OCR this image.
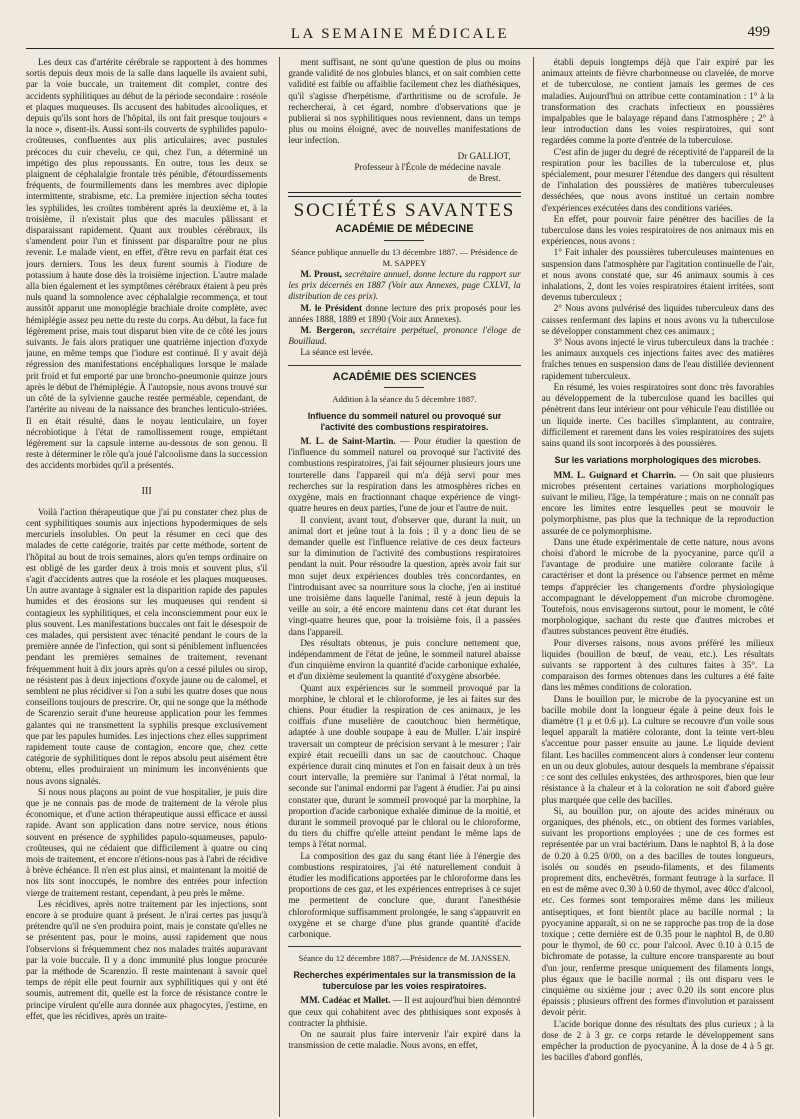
LA SEMAINE MÉDICALE	499

Les deux cas d'artérite cérébrale se rapportent à des hommes sortis depuis deux mois de la salle dans laquelle ils avaient subi, par la voie buccale, un traitement dit complet, contre des accidents syphilitiques au début de la période secondaire : roséole et plaques muqueuses. Ils accusent des habitudes alcooliques, et depuis qu'ils sont hors de l'hôpital, ils ont fait presque toujours « la noce », disent-ils. Aussi sont-ils couverts de syphilides papulo-croûteuses, confluentes aux plis articulaires, avec pustules précoces du cuir chevelu, ce qui, chez l'un, a déterminé un impétigo des plus repoussants. En outre, tous les deux se plaignent de céphalalgie frontale très pénible, d'étourdissements fréquents, de fourmillements dans les membres avec diplopie intermittente, strabisme, etc. La première injection sécha toutes les syphilides, les croûtes tombèrent après la deuxième et, à la troisième, il n'existait plus que des macules pâlissant et disparaissant rapidement. Quant aux troubles cérébraux, ils s'amendent pour l'un et finissent par disparaître pour ne plus revenir. Le malade vient, en effet, d'être revu en parfait état ces jours derniers. Tous les deux furent soumis à l'iodure de potassium à haute dose dès la troisième injection. L'autre malade alla bien également et les symptômes cérébraux étaient à peu près nuls quand la somnolence avec céphalalgie recommença, et tout aussitôt apparut une monoplégie brachiale droite complète, avec hémiplégie assez peu nette du reste du corps. Au début, la face fut légèrement prise, mais tout disparut bien vite de ce côté les jours suivants. Je fais alors pratiquer une quatrième injection d'oxyde jaune, en même temps que l'iodure est continué. Il y avait déjà régression des manifestations encéphaliques lorsque le malade prit froid et fut emporté par une broncho-pneumonie quinze jours après le début de l'hémiplégie. À l'autopsie, nous avons trouvé sur un côté de la sylvienne gauche restée perméable, cependant, de l'artérite au niveau de la naissance des branches lenticulo-striées. Il en était résulté, dans le noyau lenticulaire, un foyer nécrobiotique à l'état de ramollissement rouge, empiétant légèrement sur la capsule interne au-dessous de son genou. Il reste à déterminer le rôle qu'a joué l'alcoolisme dans la succession des accidents morbides qu'il a présentés.

III

Voilà l'action thérapeutique que j'ai pu constater chez plus de cent syphilitiques soumis aux injections hypodermiques de sels mercuriels insolubles. On peut la résumer en ceci que des malades de cette catégorie, traités par cette méthode, sortent de l'hôpital au bout de trois semaines, alors qu'en temps ordinaire on est obligé de les garder deux à trois mois et souvent plus, s'il s'agit d'accidents autres que la roséole et les plaques muqueuses. Un autre avantage à signaler est la disparition rapide des papules humides et des érosions sur les muqueuses qui rendent si contagieux les syphilitiques, et cela inconsciemment pour eux le plus souvent. Les manifestations buccales ont fait le désespoir de ces malades, qui persistent avec ténacité pendant le cours de la première année de l'infection, qui sont si péniblement influencées pendant les premières semaines de traitement, revenant fréquemment huit à dix jours après qu'on a cessé pilules ou sirop, ne résistent pas à deux injections d'oxyde jaune ou de calomel, et semblent ne plus récidiver si l'on a subi les quatre doses que nous conseillons toujours de prescrire. Or, qui ne songe que la méthode de Scarenzio serait d'une heureuse application pour les femmes galantes qui ne transmettent la syphilis presque exclusivement que par les papules humides. Les injections chez elles suppriment rapidement toute cause de contagion, encore que, chez cette catégorie de syphilitiques dont le repos absolu peut aisément être obtenu, elles produiraient un minimum les inconvénients que nous avons signalés.

Si nous nous plaçons au point de vue hospitalier, je puis dire que je ne connais pas de mode de traitement de la vérole plus économique, et d'une action thérapeutique aussi efficace et aussi rapide. Avant son application dans notre service, nous étions souvent en présence de syphilides papulo-squameuses, papulo-croûteuses, qui ne cédaient que difficilement à quatre ou cinq mois de traitement, et encore n'étions-nous pas à l'abri de récidive à brève échéance. Il n'en est plus ainsi, et maintenant la moitié de nos lits sont inoccupés, le nombre des entrées pour infection vierge de traitement restant, cependant, à peu près le même.

Les récidives, après notre traitement par les injections, sont encore à se produire quant à présent. Je n'irai certes pas jusqu'à prétendre qu'il ne s'en produira point, mais je constate qu'elles ne se présentent pas, pour le moins, aussi rapidement que nous l'observions si fréquemment chez nos malades traités auparavant par la voie buccale. Il y a donc immunité plus longue procurée par la méthode de Scarenzio. Il reste maintenant à savoir quel temps de répit elle peut fournir aux syphilitiques qui y ont été soumis, autrement dit, quelle est la force de résistance contre le principe virulent qu'elle aura donnée aux phagocytes, j'estime, en effet, que les récidives, après un traite-

ment suffisant, ne sont qu'une question de plus ou moins grande validité de nos globules blancs, et on sait combien cette validité est faible ou affaiblie facilement chez les diathésiques, qu'il s'agisse d'herpétisme, d'arthritisme ou de scrofule. Je rechercherai, à cet égard, nombre d'observations que je publierai si nos syphilitiques nous reviennent, dans un temps plus ou moins éloigné, avec de nouvelles manifestations de leur infection.

Dr GALLIOT,
Professeur à l'École de médecine navale
de Brest.
SOCIÉTÉS SAVANTES
ACADÉMIE DE MÉDECINE
Séance publique annuelle du 13 décembre 1887. — Présidence de M. SAPPEY

M. Proust, secrétaire annuel, donne lecture du rapport sur les prix décernés en 1887 (Voir aux Annexes, page CXLVI, la distribution de ces prix).

M. le Président donne lecture des prix proposés pour les années 1888, 1889 et 1890 (Voir aux Annexes).

M. Bergeron, secrétaire perpétuel, prononce l'éloge de Bouillaud.

La séance est levée.

ACADÉMIE DES SCIENCES
Addition à la séance du 5 décembre 1887.
Influence du sommeil naturel ou provoqué sur l'activité des combustions respiratoires.

M. L. de Saint-Martin. — Pour étudier la question de l'influence du sommeil naturel ou provoqué sur l'activité des combustions respiratoires, j'ai fait séjourner plusieurs jours une tourterelle dans l'appareil qui m'a déjà servi pour mes recherches sur la respiration dans les atmosphères riches en oxygène, mais en fractionnant chaque expérience de vingt-quatre heures en deux parties, l'une de jour et l'autre de nuit.

Il convient, avant tout, d'observer que, durant la nuit, un animal dort et jeûne tout à la fois ; il y a donc lieu de se demander quelle est l'influence relative de ces deux facteurs sur la diminution de l'activité des combustions respiratoires pendant la nuit. Pour résoudre la question, après avoir fait sur mon sujet deux expériences doubles très concordantes, en l'introduisant avec sa nourriture sous la cloche, j'en ai institué une troisième dans laquelle l'animal, resté à jeun depuis la veille au soir, a été encore maintenu dans cet état durant les vingt-quatre heures que, pour la troisième fois, il a passées dans l'appareil.

Des résultats obtenus, je puis conclure nettement que, indépendamment de l'état de jeûne, le sommeil naturel abaisse d'un cinquième environ la quantité d'acide carbonique exhalée, et d'un dixième seulement la quantité d'oxygène absorbée.

Quant aux expériences sur le sommeil provoqué par la morphine, le chloral et le chloroforme, je les ai faites sur des chiens. Pour étudier la respiration de ces animaux, je les coiffais d'une muselière de caoutchouc bien hermétique, adaptée à une double soupape à eau de Muller. L'air inspiré traversait un compteur de précision servant à le mesurer ; l'air expiré était recueilli dans un sac de caoutchouc. Chaque expérience durait cinq minutes et l'on en faisait deux à un très court intervalle, la première sur l'animal à l'état normal, la seconde sur l'animal endormi par l'agent à étudier. J'ai pu ainsi constater que, durant le sommeil provoqué par la morphine, la proportion d'acide carbonique exhalée diminue de la moitié, et durant le sommeil provoqué par le chloral ou le chloroforme, du tiers du chiffre qu'elle atteint pendant le même laps de temps à l'état normal.

La composition des gaz du sang étant liée à l'énergie des combustions respiratoires, j'ai été naturellement conduit à étudier les modifications apportées par le chloroforme dans les proportions de ces gaz, et les expériences entreprises à ce sujet me permettent de conclure que, durant l'anesthésie chloroformique suffisamment prolongée, le sang s'appauvrit en oxygène et se charge d'une plus grande quantité d'acide carbonique.

Séance du 12 décembre 1887.—Présidence de M. JANSSEN.
Recherches expérimentales sur la transmission de la tuberculose par les voies respiratoires.

MM. Cadéac et Mallet. — Il est aujourd'hui bien démontré que ceux qui cohabitent avec des phthisiques sont exposés à contracter la phthisie.

On ne saurait plus faire intervenir l'air expiré dans la transmission de cette maladie. Nous avons, en effet,

établi depuis longtemps déjà que l'air expiré par les animaux atteints de fièvre charbonneuse ou clavelée, de morve et de tuberculose, ne contient jamais les germes de ces maladies. Aujourd'hui on attribue cette contamination : 1° à la transformation des crachats infectieux en poussières impalpables que le balayage répand dans l'atmosphère ; 2° à leur introduction dans les voies respiratoires, qui sont regardées comme la porte d'entrée de la tuberculose.

C'est afin de juger du degré de réceptivité de l'appareil de la respiration pour les bacilles de la tuberculose et, plus spécialement, pour mesurer l'étendue des dangers qui résultent de l'inhalation des poussières de matières tuberculeuses desséchées, que nous avons institué un certain nombre d'expériences exécutées dans des conditions variées.

En effet, pour pouvoir faire pénétrer des bacilles de la tuberculose dans les voies respiratoires de nos animaux mis en expériences, nous avons :

1° Fait inhaler des poussières tuberculeuses maintenues en suspension dans l'atmosphère par l'agitation continuelle de l'air, et nous avons constaté que, sur 46 animaux soumis à ces inhalations, 2, dont les voies respiratoires étaient irritées, sont devenus tuberculeux ;

2° Nous avons pulvérisé des liquides tuberculeux dans des caisses renfermant des lapins et nous avons vu la tuberculose se développer constamment chez ces animaux ;

3° Nous avons injecté le virus tuberculeux dans la trachée : les animaux auxquels ces injections faites avec des matières fraîches tenues en suspension dans de l'eau distillée deviennent rapidement tuberculeux.

En résumé, les voies respiratoires sont donc très favorables au développement de la tuberculose quand les bacilles qui pénètrent dans leur intérieur ont pour véhicule l'eau distillée ou un liquide inerte. Ces bacilles s'implantent, au contraire, difficilement et rarement dans les voies respiratoires des sujets sains quand ils sont incorporés à des poussières.

Sur les variations morphologiques des microbes.

MM. L. Guignard et Charrin. — On sait que plusieurs microbes présentent certaines variations morphologiques suivant le milieu, l'âge, la température ; mais on ne connaît pas encore les limites entre lesquelles peut se mouvoir le polymorphisme, pas plus que la technique de la reproduction assurée de ce polymorphisme.

Dans une étude expérimentale de cette nature, nous avons choisi d'abord le microbe de la pyocyanine, parce qu'il a l'avantage de produire une matière colorante facile à caractériser et dont la présence ou l'absence permet en même temps d'apprécier les changements d'ordre physiologique accompagnant le développement d'un microbe chromogène. Toutefois, nous envisagerons surtout, pour le moment, le côté morphologique, sachant du reste que d'autres microbes et d'autres substances peuvent être étudiés.

Pour diverses raisons, nous avons préféré les milieux liquides (bouillon de bœuf, de veau, etc.). Les résultats suivants se rapportent à des cultures faites à 35°. La comparaison des formes obtenues dans les cultures a été faite dans les mêmes conditions de coloration.

Dans le bouillon pur, le microbe de la pyocyanine est un bacille mobile dont la longueur égale à peine deux fois le diamètre (1 μ et 0.6 μ). La culture se recouvre d'un voile sous lequel apparaît la matière colorante, dont la teinte vert-bleu s'accentue pour passer ensuite au jaune. Le liquide devient filant. Les bacilles commencent alors à condenser leur contenu en un ou deux globules, autour desquels la membrane s'épaissit : ce sont des cellules enkystées, des arthrospores, bien que leur résistance à la chaleur et à la coloration ne soit d'abord guère plus marquée que celle des bacilles.

Si, au bouillon pur, on ajoute des acides minéraux ou organiques, des phénols, etc., on obtient des formes variables, suivant les proportions employées ; une de ces formes est représentée par un vrai bactérium. Dans le naphtol B, à la dose de 0.20 à 0.25 0/00, on a des bacilles de toutes longueurs, isolés ou soudés en pseudo-filaments, et des filaments proprement dits, enchevêtrés, formant feutrage à la surface. Il en est de même avec 0.30 à 0.60 de thymol, avec 40cc d'alcool, etc. Ces formes sont temporaires même dans les milieux antiseptiques, et font bientôt place au bacille normal ; la pyocyanine apparaît, si on ne se rapproche pas trop de la dose toxique ; cette dernière est de 0.35 pour le naphtol B, de 0.80 pour le thymol, de 60 cc. pour l'alcool. Avec 0.10 à 0.15 de bichromate de potasse, la culture encore transparente au bout d'un jour, renferme presque uniquement des filaments longs, plus égaux que le bacille normal ; ils ont disparu vers le cinquième ou sixième jour ; avec 0.20 ils sont encore plus épaissis ; plusieurs offrent des formes d'involution et paraissent devoir périr.

L'acide borique donne des résultats des plus curieux ; à la dose de 2 à 3 gr. ce corps retarde le développement sans empêcher la production de pyocyanine. À la dose de 4 à 5 gr. les bacilles d'abord gonflés,
